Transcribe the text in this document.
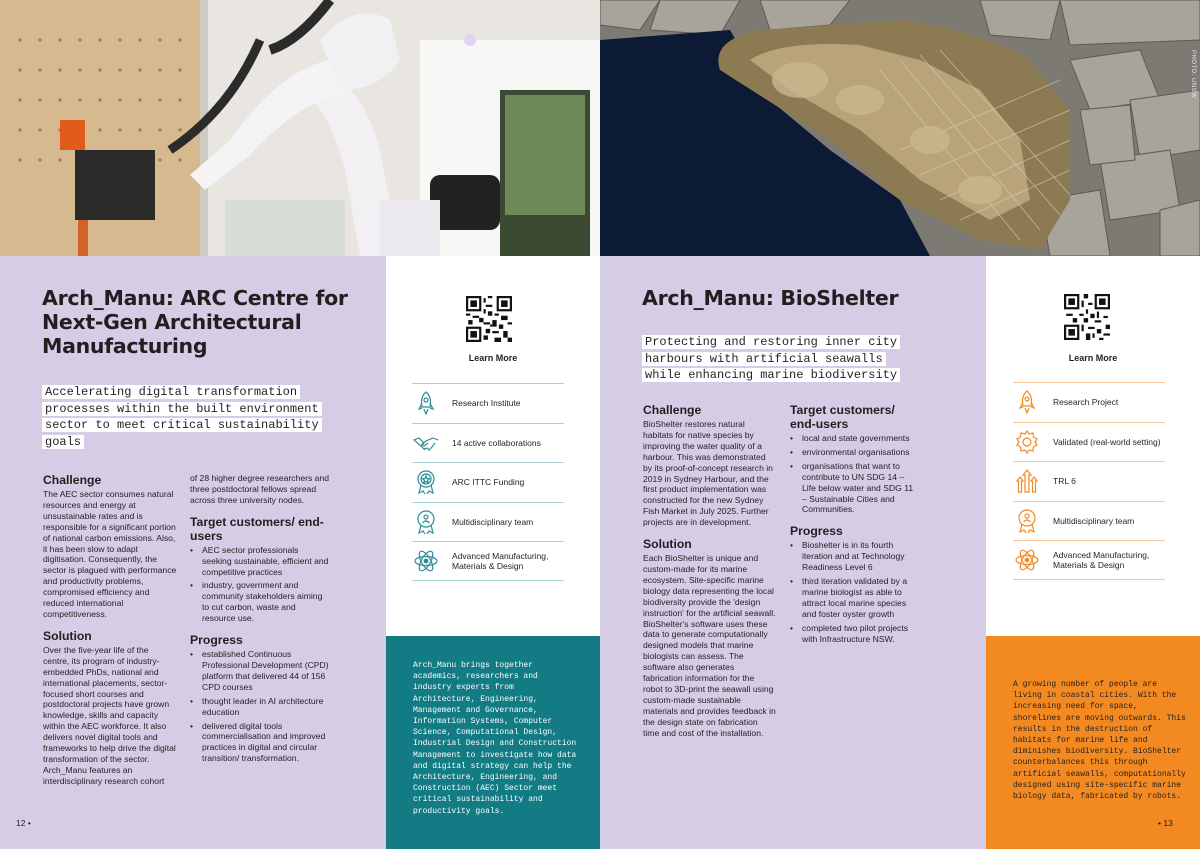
Arch_Manu: ARC Centre for Next-Gen Architectural Manufacturing
Accelerating digital transformation processes within the built environment sector to meet critical sustainability goals
Challenge

The AEC sector consumes natural resources and energy at unsustainable rates and is responsible for a significant portion of national carbon emissions. Also, it has been slow to adapt digitisation. Consequently, the sector is plagued with performance and productivity problems, compromised efficiency and reduced international competitiveness.

Solution

Over the five-year life of the centre, its program of industry-embedded PhDs, national and international placements, sector-focused short courses and postdoctoral projects have grown knowledge, skills and capacity within the AEC workforce. It also delivers novel digital tools and frameworks to help drive the digital transformation of the sector. Arch_Manu features an interdisciplinary research cohort

of 28 higher degree researchers and three postdoctoral fellows spread across three university nodes.

Target customers/ end-users
• AEC sector professionals seeking sustainable, efficient and competitive practices
• industry, government and community stakeholders aiming to cut carbon, waste and resource use.
Progress
• established Continuous Professional Development (CPD) platform that delivered 44 of 156 CPD courses
• thought leader in AI architecture education
• delivered digital tools commercialisation and improved practices in digital and circular transition/ transformation.
12 •
Learn More
Research Institute
14 active collaborations
ARC ITTC Funding
Multidisciplinary team
Advanced Manufacturing, Materials & Design

Arch_Manu brings together academics, researchers and industry experts from Architecture, Engineering, Management and Governance, Information Systems, Computer Science, Computational Design, Industrial Design and Construction Management to investigate how data and digital strategy can help the Architecture, Engineering, and Construction (AEC) Sector meet critical sustainability and productivity goals.

Arch_Manu: BioShelter
Protecting and restoring inner city harbours with artificial seawalls while enhancing marine biodiversity
Challenge

BioShelter restores natural habitats for native species by improving the water quality of a harbour. This was demonstrated by its proof-of-concept research in 2019 in Sydney Harbour, and the first product implementation was constructed for the new Sydney Fish Market in July 2025. Further projects are in development.

Solution

Each BioShelter is unique and custom-made for its marine ecosystem. Site-specific marine biology data representing the local biodiversity provide the 'design instruction' for the artificial seawall. BioShelter's software uses these data to generate computationally designed models that marine biologists can assess. The software also generates fabrication information for the robot to 3D-print the seawall using custom-made sustainable materials and provides feedback in the design state on fabrication time and cost of the installation.

Target customers/ end-users
• local and state governments
• environmental organisations
• organisations that want to contribute to UN SDG 14 – Life below water and SDG 11 – Sustainable Cities and Communities.
Progress
• Bioshelter is in its fourth iteration and at Technology Readiness Level 6
• third iteration validated by a marine biologist as able to attract local marine species and foster oyster growth
• completed two pilot projects with Infrastructure NSW.
Learn More
Research Project
Validated (real-world setting)
TRL 6
Multidisciplinary team
Advanced Manufacturing, Materials & Design

A growing number of people are living in coastal cities. With the increasing need for space, shorelines are moving outwards. This results in the destruction of habitats for marine life and diminishes biodiversity. BioShelter counterbalances this through artificial seawalls, computationally designed using site-specific marine biology data, fabricated by robots.

• 13
PHOTO: UNSW
